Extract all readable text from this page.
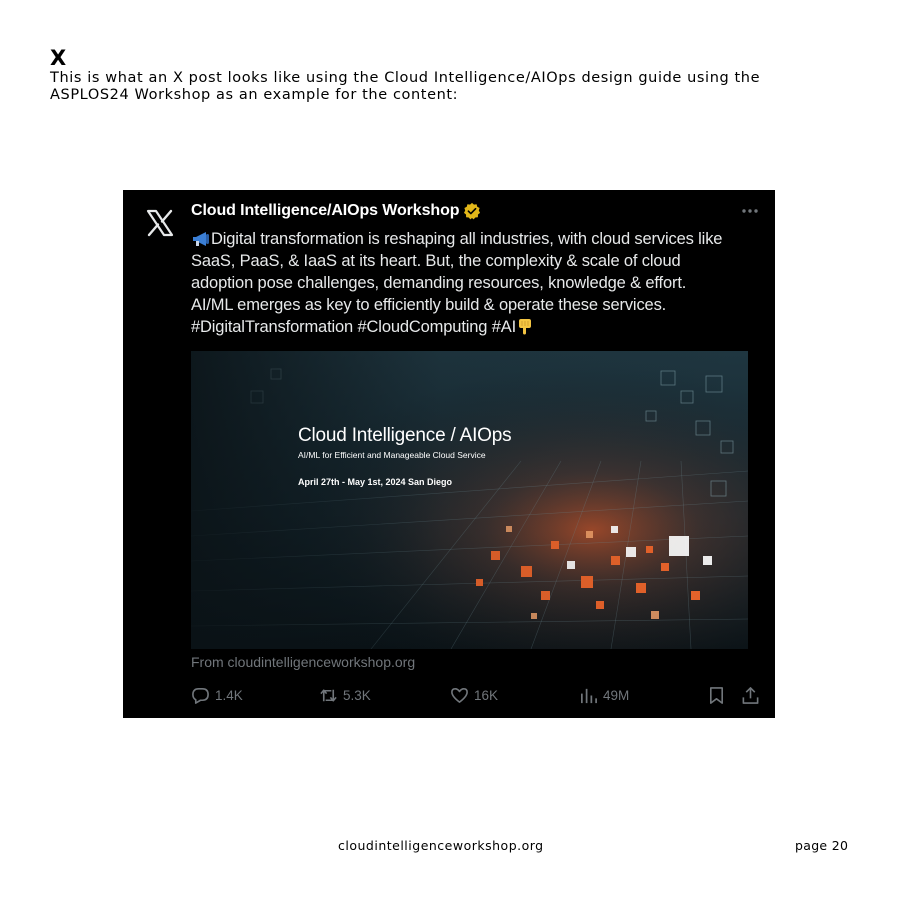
X
This is what an X post looks like using the Cloud Intelligence/AIOps design guide using the
ASPLOS24 Workshop as an example for the content:
Cloud Intelligence/AIOps Workshop
Digital transformation is reshaping all industries, with cloud services like
SaaS, PaaS, & IaaS at its heart. But, the complexity & scale of cloud
adoption pose challenges, demanding resources, knowledge & effort.
AI/ML emerges as key to efficiently build & operate these services.
#DigitalTransformation #CloudComputing #AI
Cloud Intelligence / AIOps
AI/ML for Efficient and Manageable Cloud Service
April 27th - May 1st, 2024 San Diego
From cloudintelligenceworkshop.org
1.4K	5.3K	16K	49M
cloudintelligenceworkshop.org	page 20
